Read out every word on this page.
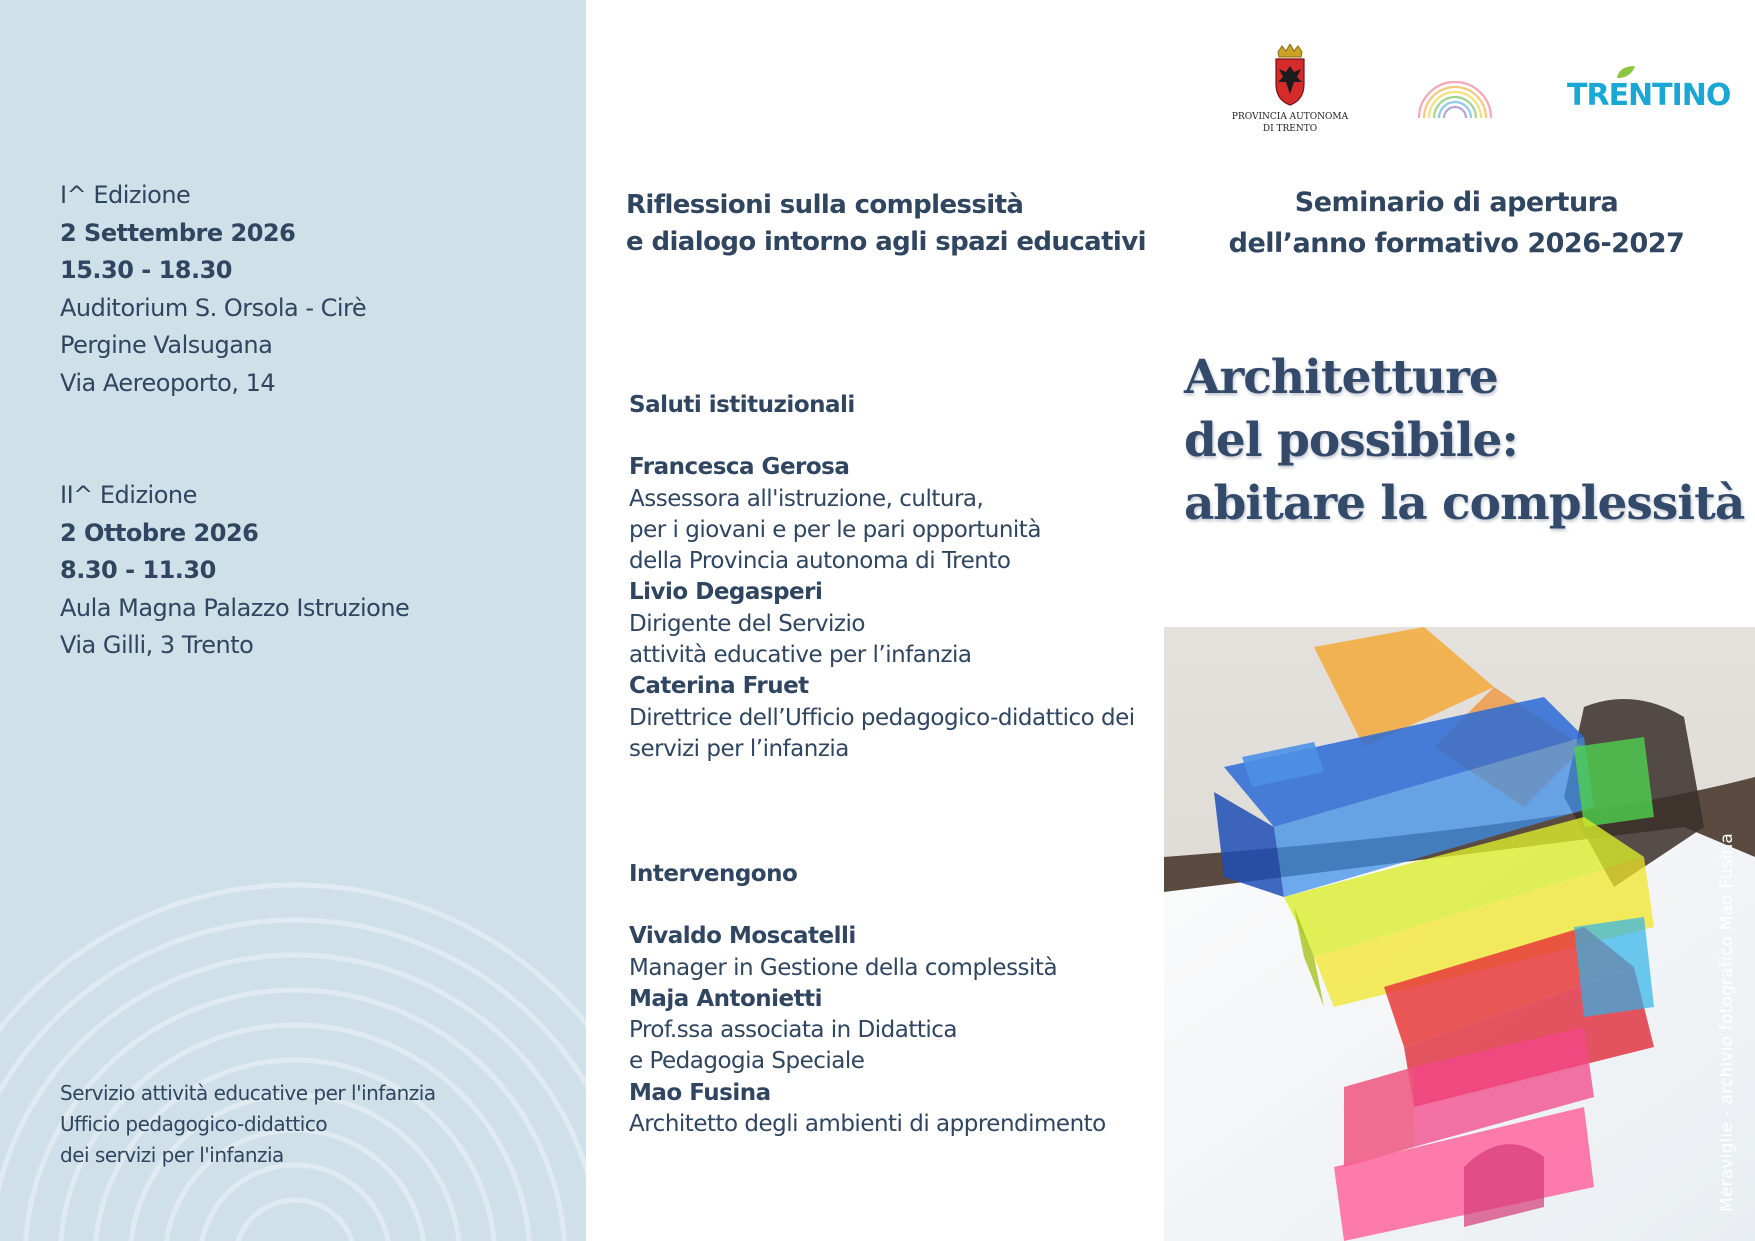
I^ Edizione
2 Settembre 2026
15.30 - 18.30
Auditorium S. Orsola - Cirè
Pergine Valsugana
Via Aereoporto, 14
II^ Edizione
2 Ottobre 2026
8.30 - 11.30
Aula Magna Palazzo Istruzione
Via Gilli, 3 Trento
Servizio attività educative per l'infanzia
Ufficio pedagogico-didattico
dei servizi per l'infanzia
Riflessioni sulla complessità
e dialogo intorno agli spazi educativi
Saluti istituzionali
Francesca Gerosa
Assessora all'istruzione, cultura,
per i giovani e per le pari opportunità
della Provincia autonoma di Trento
Livio Degasperi
Dirigente del Servizio
attività educative per l’infanzia
Caterina Fruet
Direttrice dell’Ufficio pedagogico-didattico dei
servizi per l’infanzia
Intervengono
Vivaldo Moscatelli
Manager in Gestione della complessità
Maja Antonietti
Prof.ssa associata in Didattica
e Pedagogia Speciale
Mao Fusina
Architetto degli ambienti di apprendimento
PROVINCIA AUTONOMA
DI TRENTO
TRENTINO
Seminario di apertura
dell’anno formativo 2026-2027
Architetture
del possibile:
abitare la complessità
Meraviglie - archivio fotografico Mao Fusina
